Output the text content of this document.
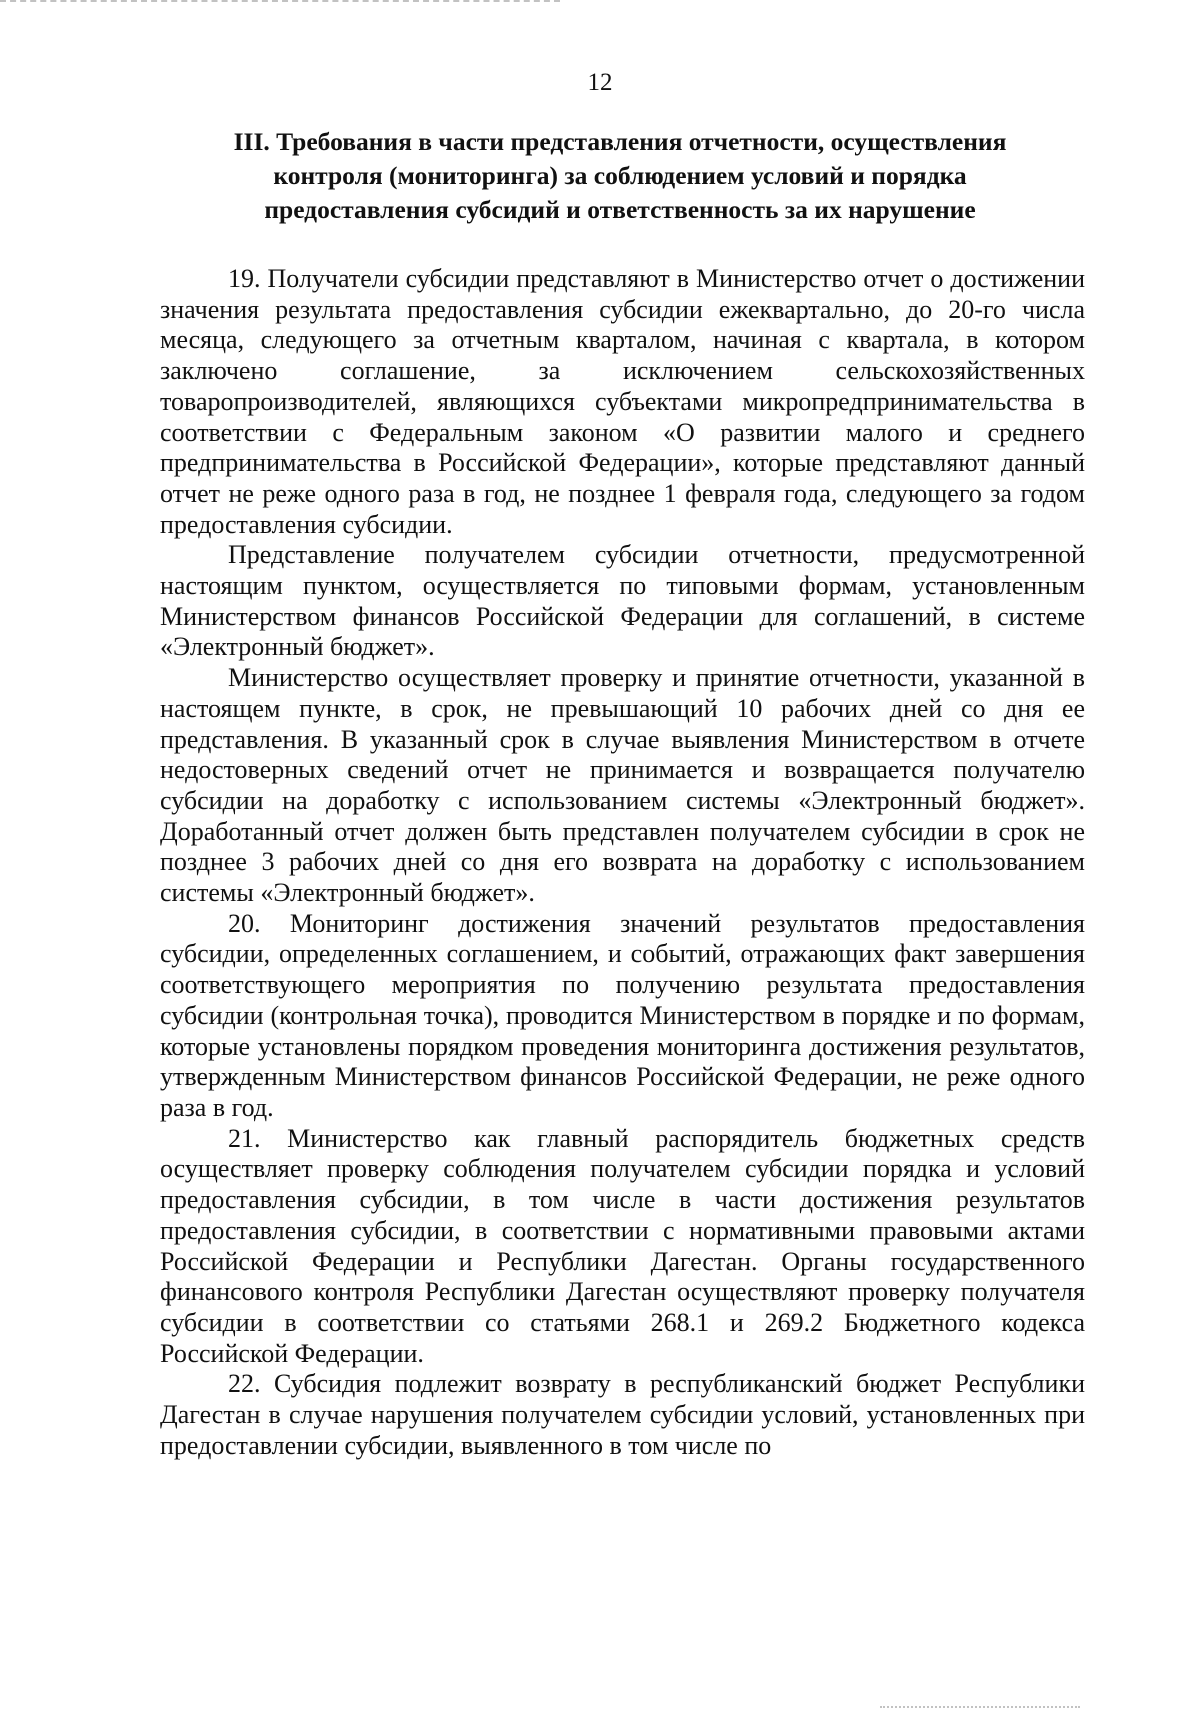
12
III. Требования в части представления отчетности, осуществления
контроля (мониторинга) за соблюдением условий и порядка
предоставления субсидий и ответственность за их нарушение

19. Получатели субсидии представляют в Министерство отчет о достижении значения результата предоставления субсидии ежеквартально, до 20-го числа месяца, следующего за отчетным кварталом, начиная с квартала, в котором заключено соглашение, за исключением сельскохозяйственных товаропроизводителей, являющихся субъектами микропредпринимательства в соответствии с Федеральным законом «О развитии малого и среднего предпринимательства в Российской Федерации», которые представляют данный отчет не реже одного раза в год, не позднее 1 февраля года, следующего за годом предоставления субсидии.

Представление получателем субсидии отчетности, предусмотренной настоящим пунктом, осуществляется по типовыми формам, установленным Министерством финансов Российской Федерации для соглашений, в системе «Электронный бюджет».

Министерство осуществляет проверку и принятие отчетности, указанной в настоящем пункте, в срок, не превышающий 10 рабочих дней со дня ее представления. В указанный срок в случае выявления Министерством в отчете недостоверных сведений отчет не принимается и возвращается получателю субсидии на доработку с использованием системы «Электронный бюджет». Доработанный отчет должен быть представлен получателем субсидии в срок не позднее 3 рабочих дней со дня его возврата на доработку с использованием системы «Электронный бюджет».

20. Мониторинг достижения значений результатов предоставления субсидии, определенных соглашением, и событий, отражающих факт завершения соответствующего мероприятия по получению результата предоставления субсидии (контрольная точка), проводится Министерством в порядке и по формам, которые установлены порядком проведения мониторинга достижения результатов, утвержденным Министерством финансов Российской Федерации, не реже одного раза в год.

21. Министерство как главный распорядитель бюджетных средств осуществляет проверку соблюдения получателем субсидии порядка и условий предоставления субсидии, в том числе в части достижения результатов предоставления субсидии, в соответствии с нормативными правовыми актами Российской Федерации и Республики Дагестан. Органы государственного финансового контроля Республики Дагестан осуществляют проверку получателя субсидии в соответствии со статьями 268.1 и 269.2 Бюджетного кодекса Российской Федерации.

22. Субсидия подлежит возврату в республиканский бюджет Республики Дагестан в случае нарушения получателем субсидии условий, установленных при предоставлении субсидии, выявленного в том числе по
